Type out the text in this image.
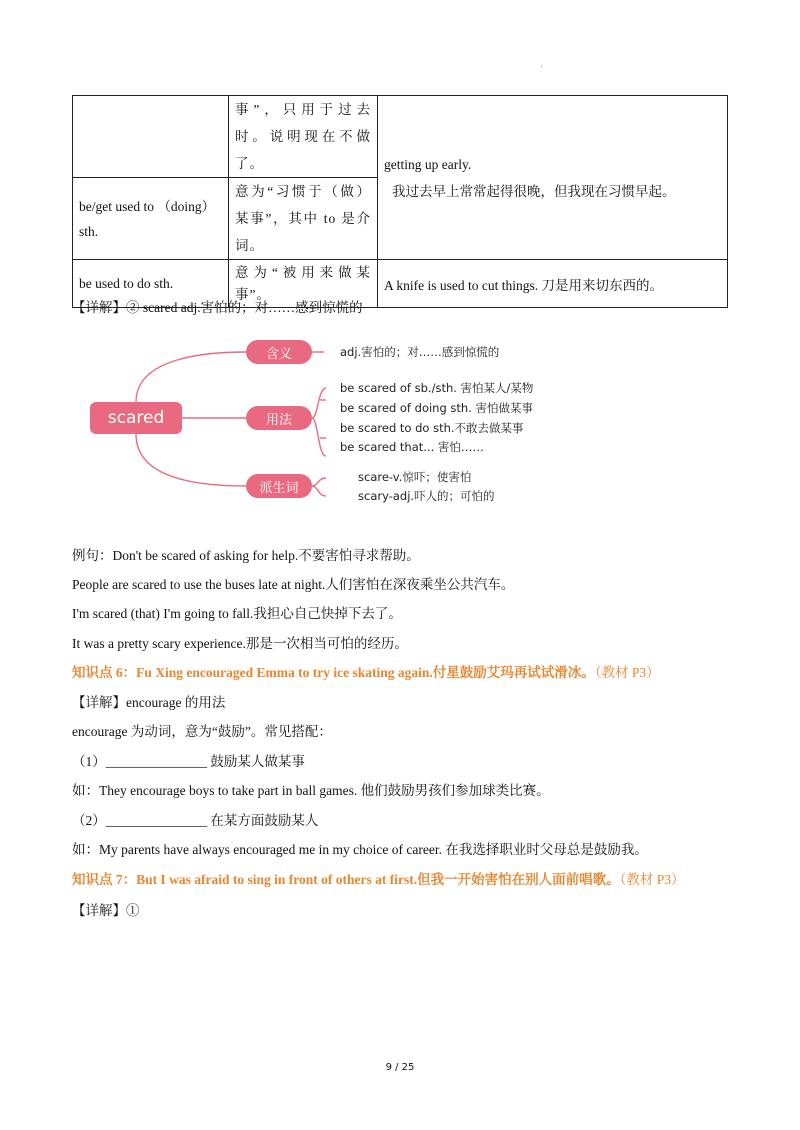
'

	事”，只用于过去
时。说明现在不做
了。	getting up early.
我过去早上常常起得很晚，但我现在习惯早起。

be/get used to （doing）
sth.	意为“习惯于（做）
某事”，其中 to 是介
词。	

be used to do sth.	意为“被用来做某
事”。	A knife is used to cut things. 刀是用来切东西的。
【详解】② scared adj.害怕的；对……感到惊慌的
scared
含义
用法
派生词
adj.害怕的；对……感到惊慌的
be scared of sb./sth. 害怕某人/某物
be scared of doing sth. 害怕做某事
be scared to do sth.不敢去做某事
be scared that... 害怕……
scare-v.惊吓；使害怕
scary-adj.吓人的；可怕的
例句：Don't be scared of asking for help.不要害怕寻求帮助。
People are scared to use the buses late at night.人们害怕在深夜乘坐公共汽车。
I'm scared (that) I'm going to fall.我担心自己快掉下去了。
It was a pretty scary experience.那是一次相当可怕的经历。
知识点 6：Fu Xing encouraged Emma to try ice skating again.付星鼓励艾玛再试试滑冰。（教材 P3）
【详解】encourage 的用法
encourage 为动词，意为“鼓励”。常见搭配：
（1）_______________ 鼓励某人做某事
如：They encourage boys to take part in ball games. 他们鼓励男孩们参加球类比赛。
（2）_______________ 在某方面鼓励某人
如：My parents have always encouraged me in my choice of career. 在我选择职业时父母总是鼓励我。
知识点 7：But I was afraid to sing in front of others at first.但我一开始害怕在别人面前唱歌。（教材 P3）
【详解】①
9 / 25
